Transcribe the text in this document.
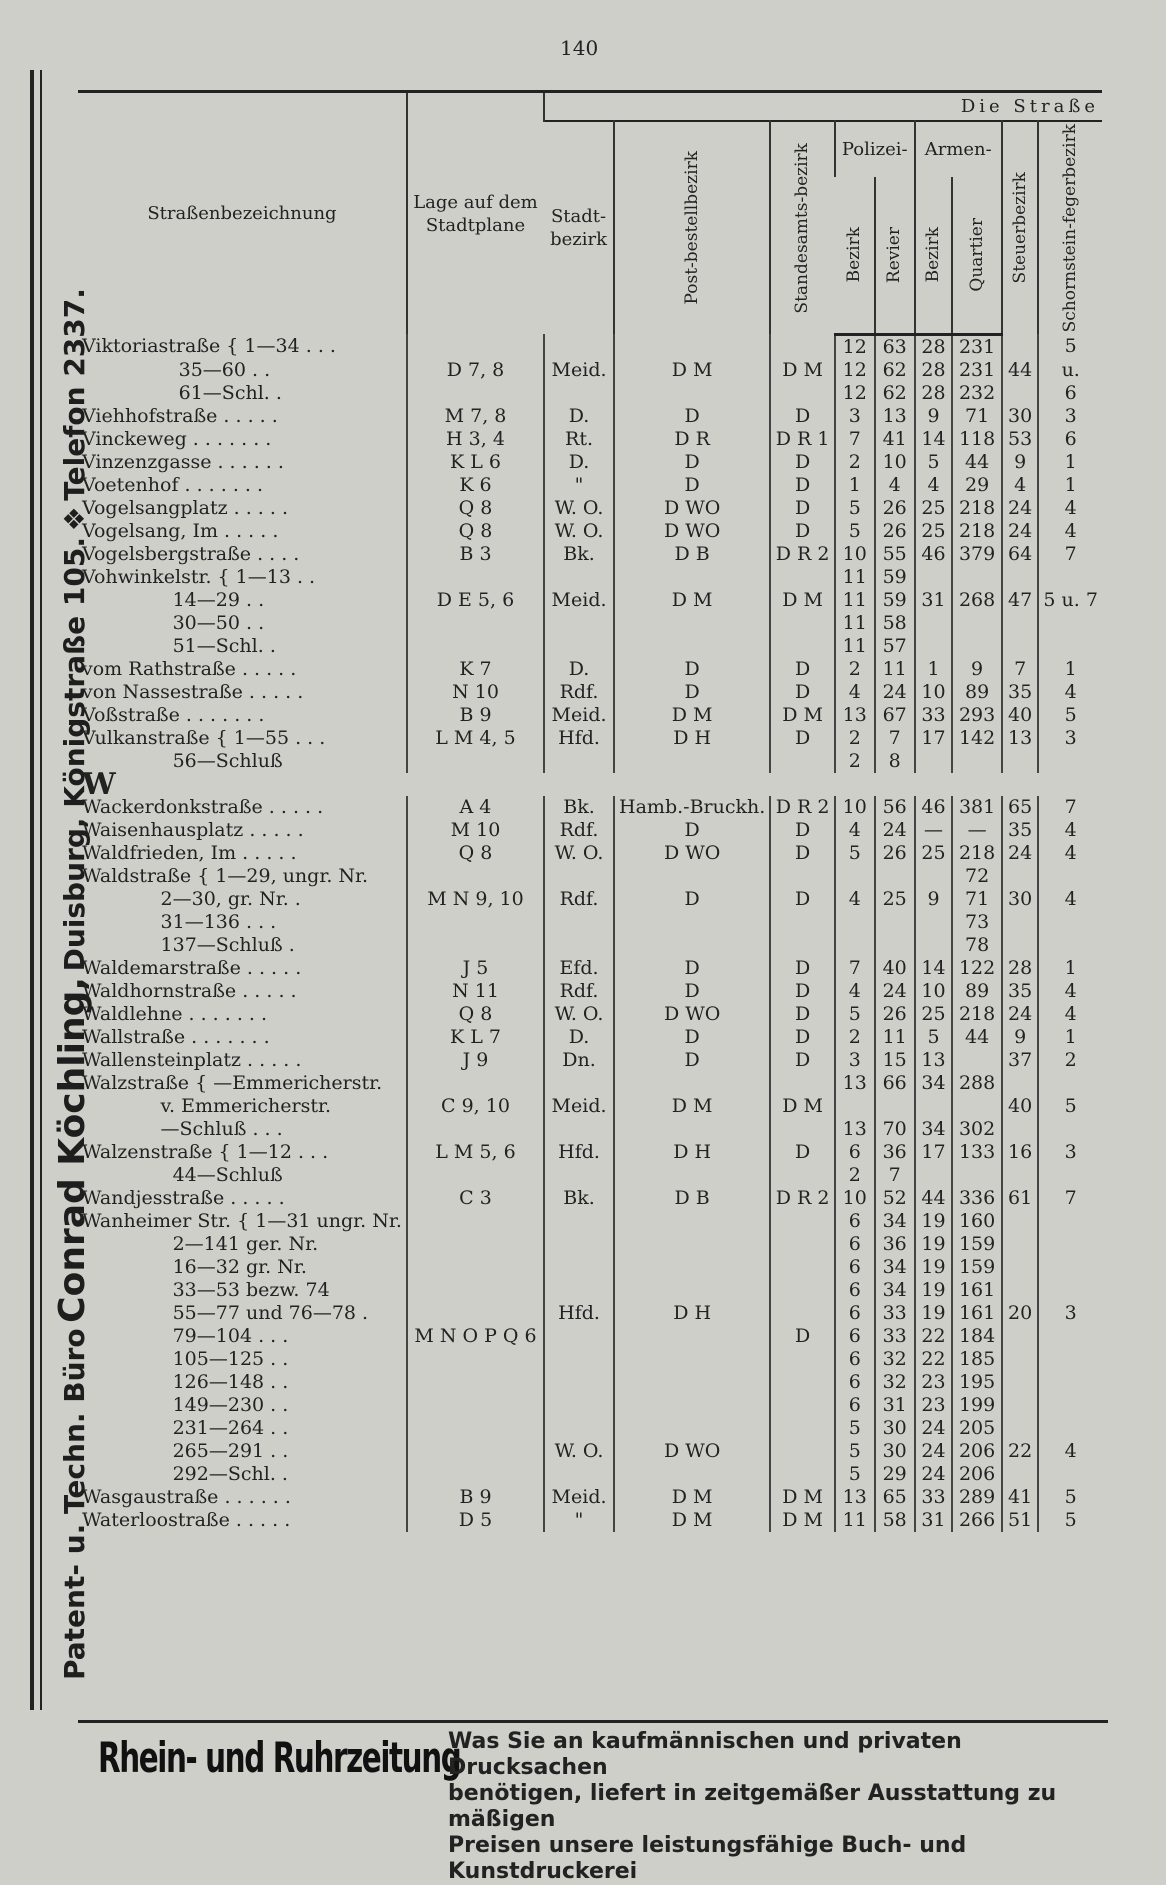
140
Patent- u. Techn. Büro Conrad Köchling, Duisburg, Königstraße 105. ❖ Telefon 2337.
Straßenbezeichnung	Lage auf dem Stadtplane	Die Straße								
		Stadt-bezirk	Post-bestellbezirk	Standesamts-bezirk	Polizei-		Armen-		Steuerbezirk	Schornstein-fegerbezirk

					Bezirk	Revier	Bezirk	Quartier		

Viktoriastraße { 1—34 . . .					12	63	28	231		5
35—60 . .	D 7, 8	Meid.	D M	D M	12	62	28	231	44	u.
61—Schl. .					12	62	28	232		6
Viehhofstraße . . . . .	M 7, 8	D.	D	D	3	13	9	71	30	3
Vinckeweg . . . . . . .	H 3, 4	Rt.	D R	D R 1	7	41	14	118	53	6
Vinzenzgasse . . . . . .	K L 6	D.	D	D	2	10	5	44	9	1
Voetenhof . . . . . . .	K 6	"	D	D	1	4	4	29	4	1
Vogelsangplatz . . . . .	Q 8	W. O.	D WO	D	5	26	25	218	24	4
Vogelsang, Im . . . . .	Q 8	W. O.	D WO	D	5	26	25	218	24	4
Vogelsbergstraße . . . .	B 3	Bk.	D B	D R 2	10	55	46	379	64	7
Vohwinkelstr. { 1—13 . .					11	59				
14—29 . .	D E 5, 6	Meid.	D M	D M	11	59	31	268	47	5 u. 7
30—50 . .					11	58				
51—Schl. .					11	57				
vom Rathstraße . . . . .	K 7	D.	D	D	2	11	1	9	7	1
von Nassestraße . . . . .	N 10	Rdf.	D	D	4	24	10	89	35	4
Voßstraße . . . . . . .	B 9	Meid.	D M	D M	13	67	33	293	40	5
Vulkanstraße { 1—55 . . .	L M 4, 5	Hfd.	D H	D	2	7	17	142	13	3
56—Schluß					2	8				
W										
Wackerdonkstraße . . . . .	A 4	Bk.	Hamb.-Bruckh.	D R 2	10	56	46	381	65	7
Waisenhausplatz . . . . .	M 10	Rdf.	D	D	4	24	—	—	35	4
Waldfrieden, Im . . . . .	Q 8	W. O.	D WO	D	5	26	25	218	24	4
Waldstraße { 1—29, ungr. Nr.								72		
2—30, gr. Nr. .	M N 9, 10	Rdf.	D	D	4	25	9	71	30	4
31—136 . . .								73		
137—Schluß .								78		
Waldemarstraße . . . . .	J 5	Efd.	D	D	7	40	14	122	28	1
Waldhornstraße . . . . .	N 11	Rdf.	D	D	4	24	10	89	35	4
Waldlehne . . . . . . .	Q 8	W. O.	D WO	D	5	26	25	218	24	4
Wallstraße . . . . . . .	K L 7	D.	D	D	2	11	5	44	9	1
Wallensteinplatz . . . . .	J 9	Dn.	D	D	3	15	13		37	2
Walzstraße { —Emmericherstr.					13	66	34	288		
v. Emmericherstr.	C 9, 10	Meid.	D M	D M					40	5
—Schluß . . .					13	70	34	302		
Walzenstraße { 1—12 . . .	L M 5, 6	Hfd.	D H	D	6	36	17	133	16	3
44—Schluß					2	7				
Wandjesstraße . . . . .	C 3	Bk.	D B	D R 2	10	52	44	336	61	7
Wanheimer Str. { 1—31 ungr. Nr.					6	34	19	160		
2—141 ger. Nr.					6	36	19	159		
16—32 gr. Nr.					6	34	19	159		
33—53 bezw. 74					6	34	19	161		
55—77 und 76—78 .		Hfd.	D H		6	33	19	161	20	3
79—104 . . .	M N O P Q 6			D	6	33	22	184		
105—125 . .					6	32	22	185		
126—148 . .					6	32	23	195		
149—230 . .					6	31	23	199		
231—264 . .					5	30	24	205		
265—291 . .		W. O.	D WO		5	30	24	206	22	4
292—Schl. .					5	29	24	206		
Wasgaustraße . . . . . .	B 9	Meid.	D M	D M	13	65	33	289	41	5
Waterloostraße . . . . .	D 5	"	D M	D M	11	58	31	266	51	5
Rhein- und Ruhrzeitung
Was Sie an kaufmännischen und privaten Drucksachen
benötigen, liefert in zeitgemäßer Ausstattung zu mäßigen
Preisen unsere leistungsfähige Buch- und Kunstdruckerei
